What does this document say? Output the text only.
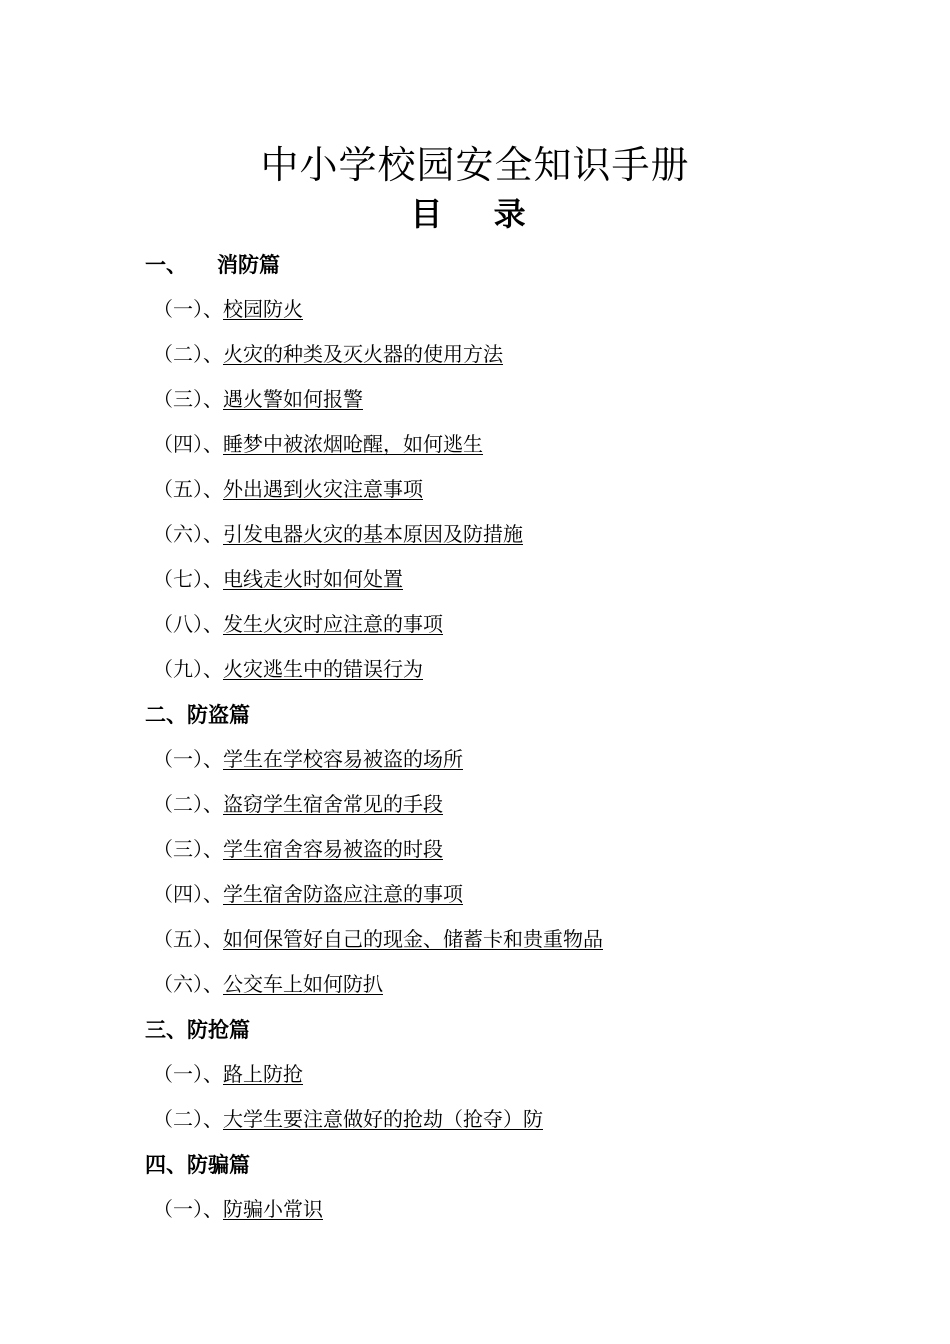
中小学校园安全知识手册
目 录
一、 消防篇
（一）、校园防火
（二）、火灾的种类及灭火器的使用方法
（三）、遇火警如何报警
（四）、睡梦中被浓烟呛醒，如何逃生
（五）、外出遇到火灾注意事项
（六）、引发电器火灾的基本原因及防措施
（七）、电线走火时如何处置
（八）、发生火灾时应注意的事项
（九）、火灾逃生中的错误行为
二、防盗篇
（一）、学生在学校容易被盗的场所
（二）、盗窃学生宿舍常见的手段
（三）、学生宿舍容易被盗的时段
（四）、学生宿舍防盗应注意的事项
（五）、如何保管好自己的现金、储蓄卡和贵重物品
（六）、公交车上如何防扒
三、防抢篇
（一）、路上防抢
（二）、大学生要注意做好的抢劫（抢夺）防
四、防骗篇
（一）、防骗小常识
